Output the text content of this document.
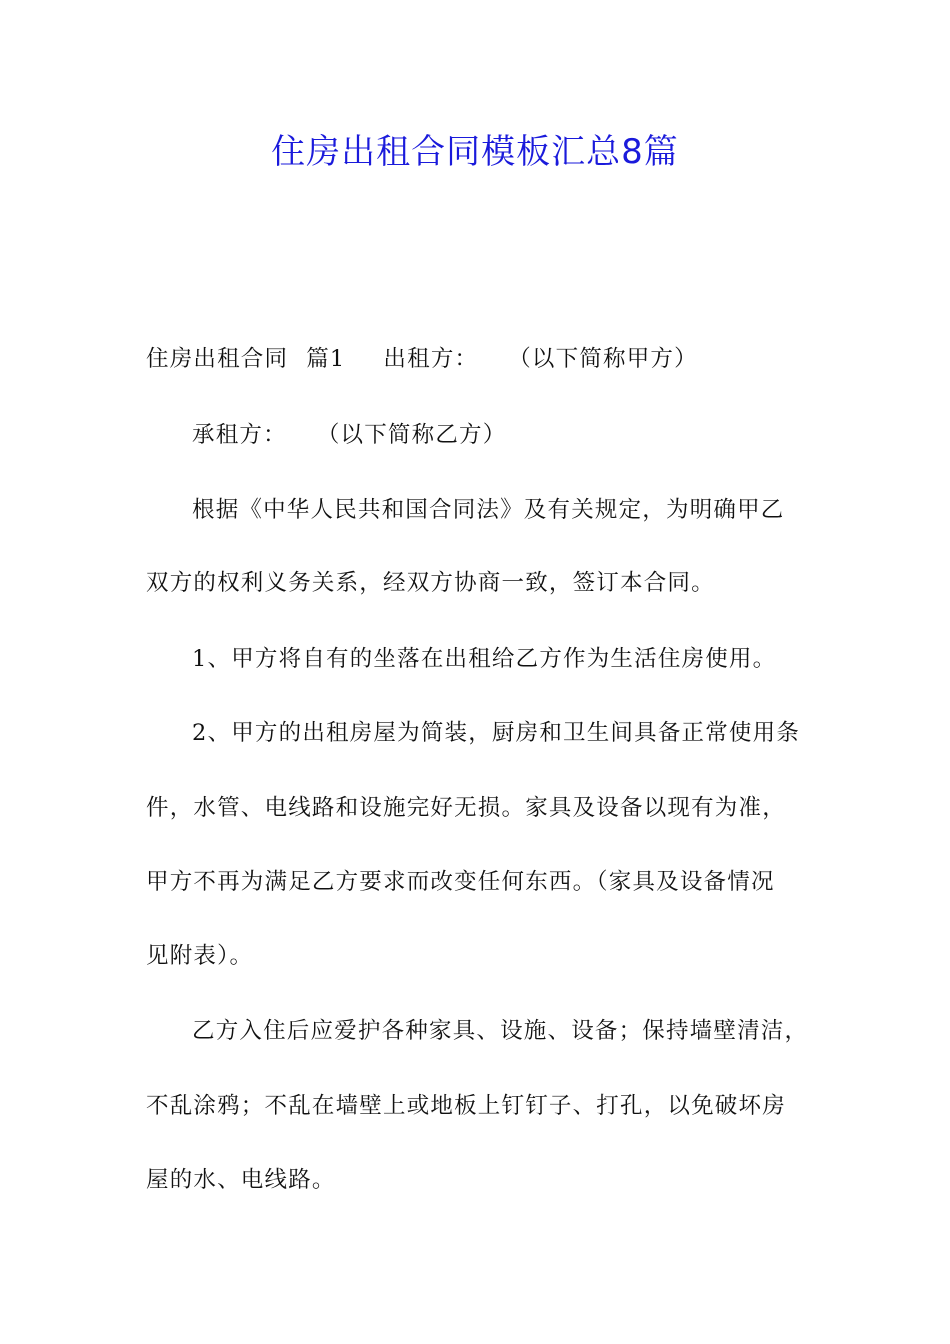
住房出租合同模板汇总8篇
住房出租合同 篇1 出租方： （以下简称甲方）
承租方： （以下简称乙方）
根据《中华人民共和国合同法》及有关规定，为明确甲乙
双方的权利义务关系，经双方协商一致，签订本合同。
1、甲方将自有的坐落在出租给乙方作为生活住房使用。
2、甲方的出租房屋为简装，厨房和卫生间具备正常使用条
件，水管、电线路和设施完好无损。家具及设备以现有为准，
甲方不再为满足乙方要求而改变任何东西。（家具及设备情况
见附表）。
乙方入住后应爱护各种家具、设施、设备；保持墙壁清洁，
不乱涂鸦；不乱在墙壁上或地板上钉钉子、打孔，以免破坏房
屋的水、电线路。
